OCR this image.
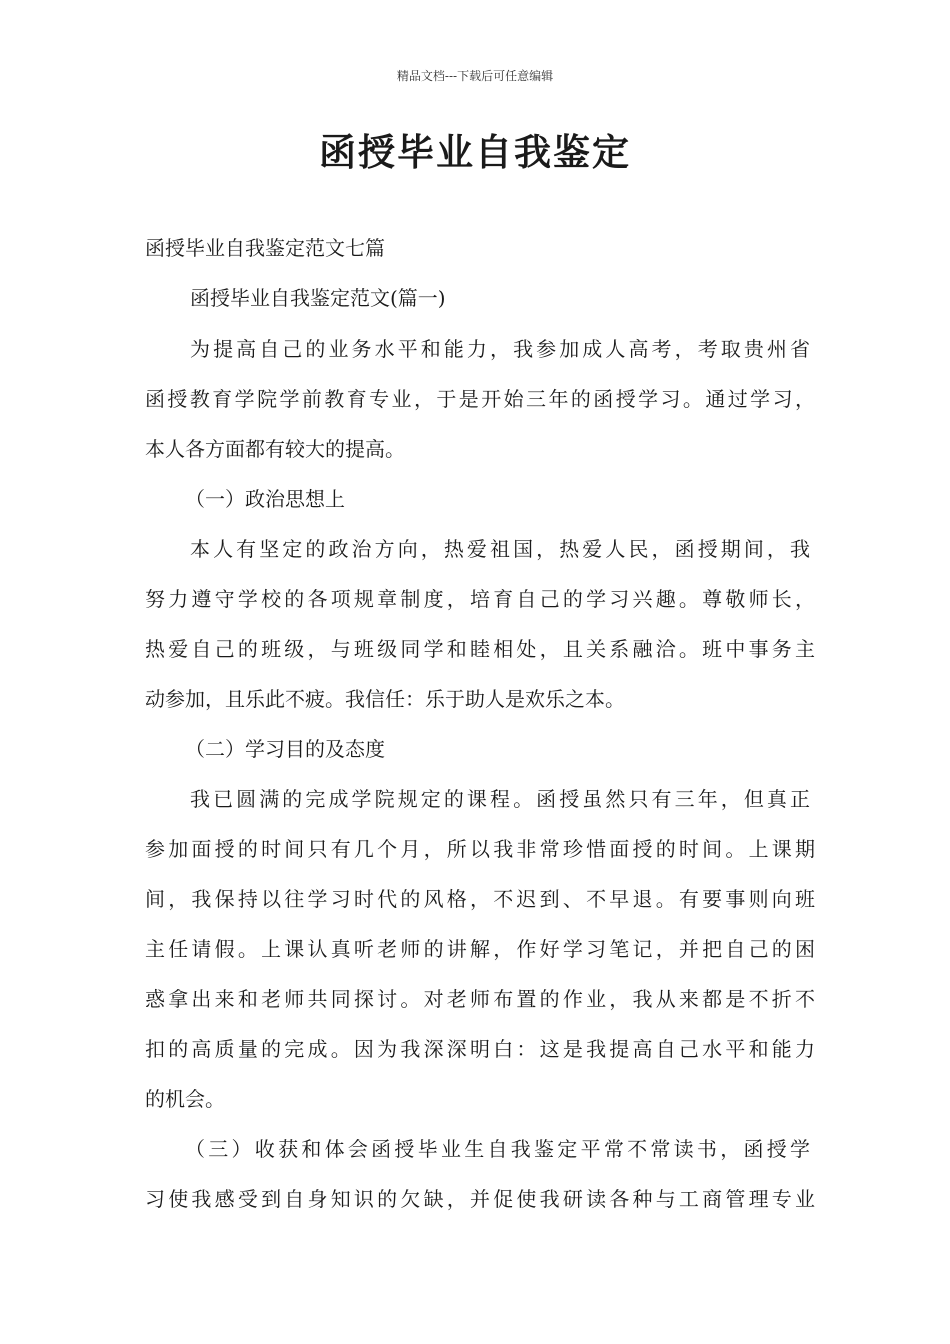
精品文档---下载后可任意编辑
函授毕业自我鉴定

函授毕业自我鉴定范文七篇

函授毕业自我鉴定范文(篇一)

为提高自己的业务水平和能力，我参加成人高考，考取贵州省

函授教育学院学前教育专业，于是开始三年的函授学习。通过学习，

本人各方面都有较大的提高。

（一）政治思想上

本人有坚定的政治方向，热爱祖国，热爱人民，函授期间，我

努力遵守学校的各项规章制度，培育自己的学习兴趣。尊敬师长，

热爱自己的班级，与班级同学和睦相处，且关系融洽。班中事务主

动参加，且乐此不疲。我信任：乐于助人是欢乐之本。

（二）学习目的及态度

我已圆满的完成学院规定的课程。函授虽然只有三年，但真正

参加面授的时间只有几个月，所以我非常珍惜面授的时间。上课期

间，我保持以往学习时代的风格，不迟到、不早退。有要事则向班

主任请假。上课认真听老师的讲解，作好学习笔记，并把自己的困

惑拿出来和老师共同探讨。对老师布置的作业，我从来都是不折不

扣的高质量的完成。因为我深深明白：这是我提高自己水平和能力

的机会。

（三）收获和体会函授毕业生自我鉴定平常不常读书，函授学

习使我感受到自身知识的欠缺，并促使我研读各种与工商管理专业
